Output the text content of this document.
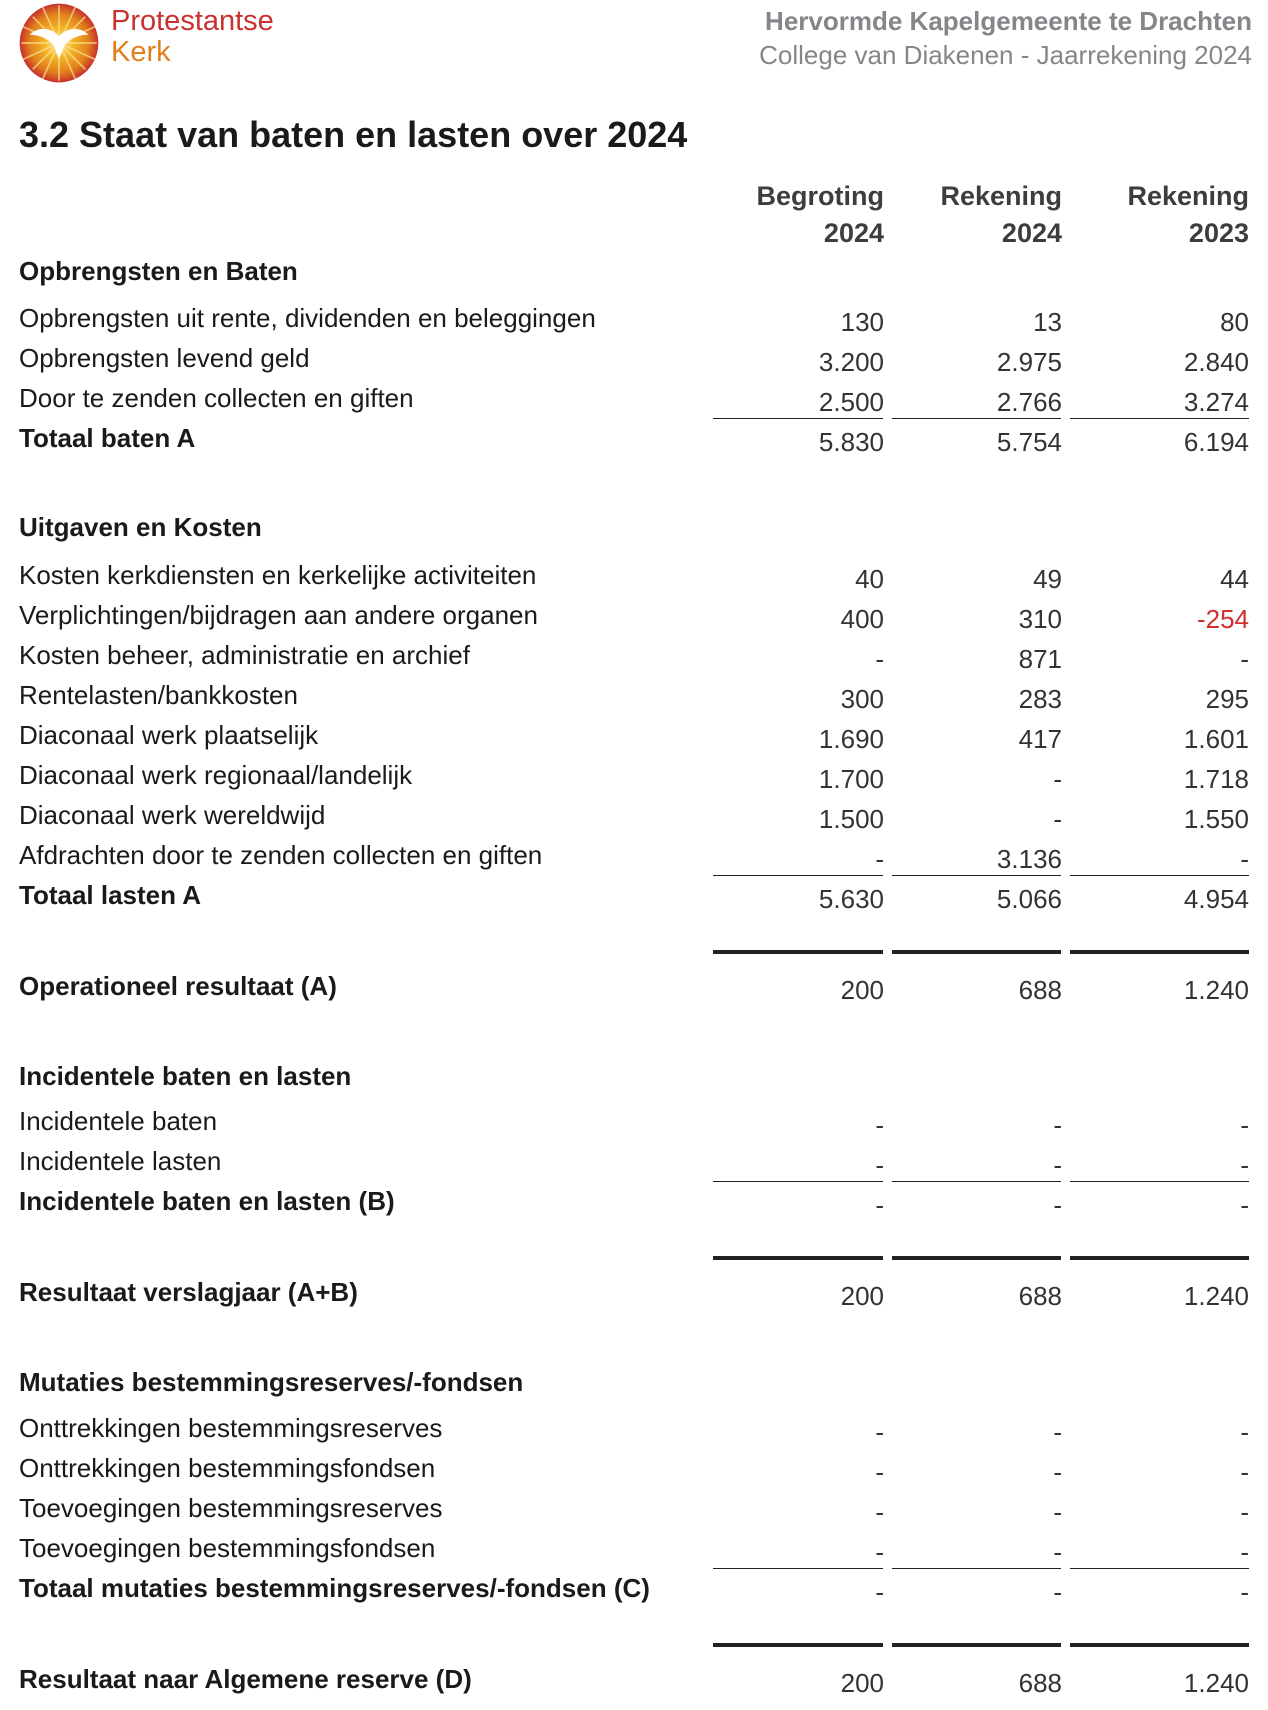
Protestantse
Kerk
Hervormde Kapelgemeente te Drachten
College van Diakenen - Jaarrekening 2024
3.2 Staat van baten en lasten over 2024
Begroting
2024
Rekening
2024
Rekening
2023
Opbrengsten en Baten
Opbrengsten uit rente, dividenden en beleggingen	130	13	80
Opbrengsten levend geld	3.200	2.975	2.840
Door te zenden collecten en giften	2.500	2.766	3.274
Totaal baten A	5.830	5.754	6.194
Uitgaven en Kosten
Kosten kerkdiensten en kerkelijke activiteiten	40	49	44
Verplichtingen/bijdragen aan andere organen	400	310	-254
Kosten beheer, administratie en archief	-	871	-
Rentelasten/bankkosten	300	283	295
Diaconaal werk plaatselijk	1.690	417	1.601
Diaconaal werk regionaal/landelijk	1.700	-	1.718
Diaconaal werk wereldwijd	1.500	-	1.550
Afdrachten door te zenden collecten en giften	-	3.136	-
Totaal lasten A	5.630	5.066	4.954
Operationeel resultaat (A)	200	688	1.240
Incidentele baten en lasten
Incidentele baten	-	-	-
Incidentele lasten	-	-	-
Incidentele baten en lasten (B)	-	-	-
Resultaat verslagjaar (A+B)	200	688	1.240
Mutaties bestemmingsreserves/-fondsen
Onttrekkingen bestemmingsreserves	-	-	-
Onttrekkingen bestemmingsfondsen	-	-	-
Toevoegingen bestemmingsreserves	-	-	-
Toevoegingen bestemmingsfondsen	-	-	-
Totaal mutaties bestemmingsreserves/-fondsen (C)	-	-	-
Resultaat naar Algemene reserve (D)	200	688	1.240
